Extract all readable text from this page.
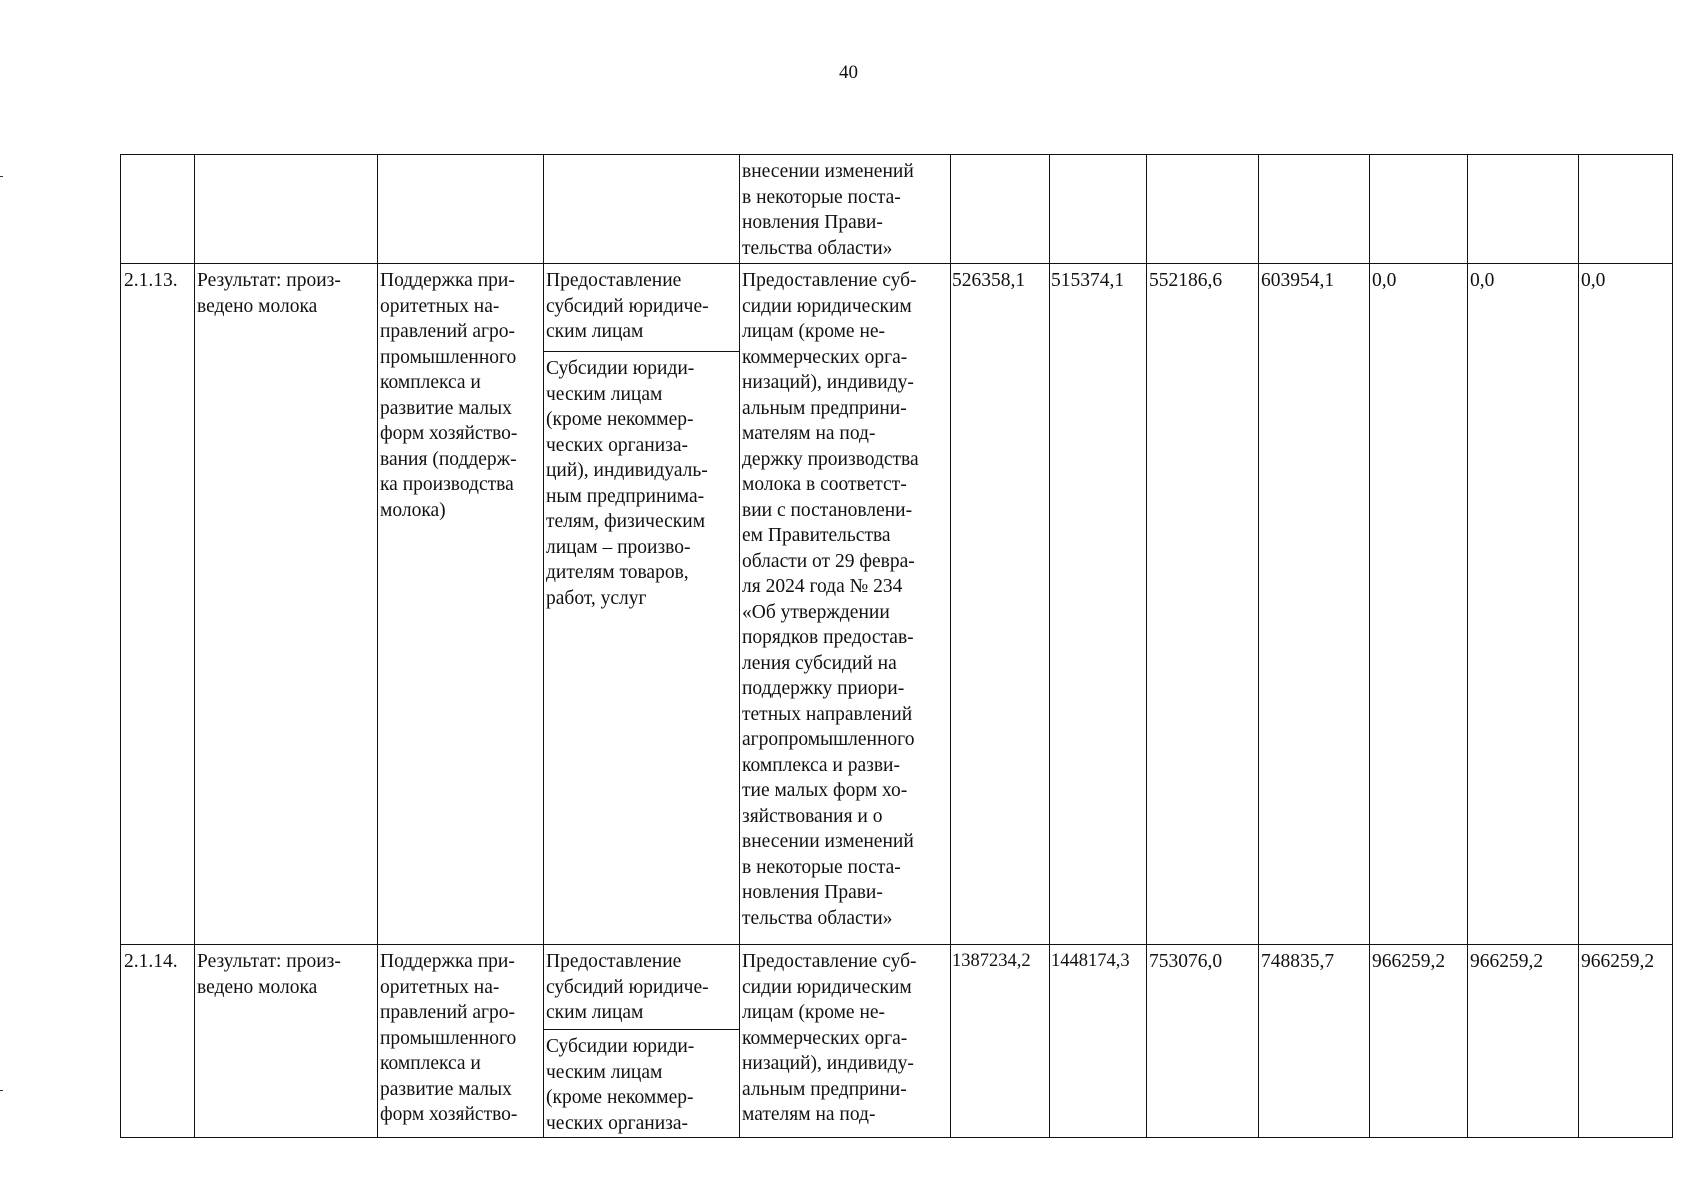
40
внесении изменений
в некоторые поста-
новления Прави-
тельства области»
2.1.13. Результат: произ-
ведено молока
Поддержка при-
оритетных на-
правлений агро-
промышленного
комплекса и
развитие малых
форм хозяйство-
вания (поддерж-
ка производства
молока)
Предоставление
субсидий юридиче-
ским лицам
Субсидии юриди-
ческим лицам
(кроме некоммер-
ческих организа-
ций), индивидуаль-
ным предпринима-
телям, физическим
лицам – произво-
дителям товаров,
работ, услуг
Предоставление суб-
сидии юридическим
лицам (кроме не-
коммерческих орга-
низаций), индивиду-
альным предприни-
мателям на под-
держку производства
молока в соответст-
вии с постановлени-
ем Правительства
области от 29 февра-
ля 2024 года № 234
«Об утверждении
порядков предостав-
ления субсидий на
поддержку приори-
тетных направлений
агропромышленного
комплекса и разви-
тие малых форм хо-
зяйствования и о
внесении изменений
в некоторые поста-
новления Прави-
тельства области»
526358,1 515374,1 552186,6 603954,1 0,0	0,0	0,0
2.1.14. Результат: произ-
ведено молока
Поддержка при-
оритетных на-
правлений агро-
промышленного
комплекса и
развитие малых
форм хозяйство-
Предоставление
субсидий юридиче-
ским лицам
Субсидии юриди-
ческим лицам
(кроме некоммер-
ческих организа-
Предоставление суб-
сидии юридическим
лицам (кроме не-
коммерческих орга-
низаций), индивиду-
альным предприни-
мателям на под-
1387234,2 1448174,3 753076,0 748835,7 966259,2 966259,2 966259,2
